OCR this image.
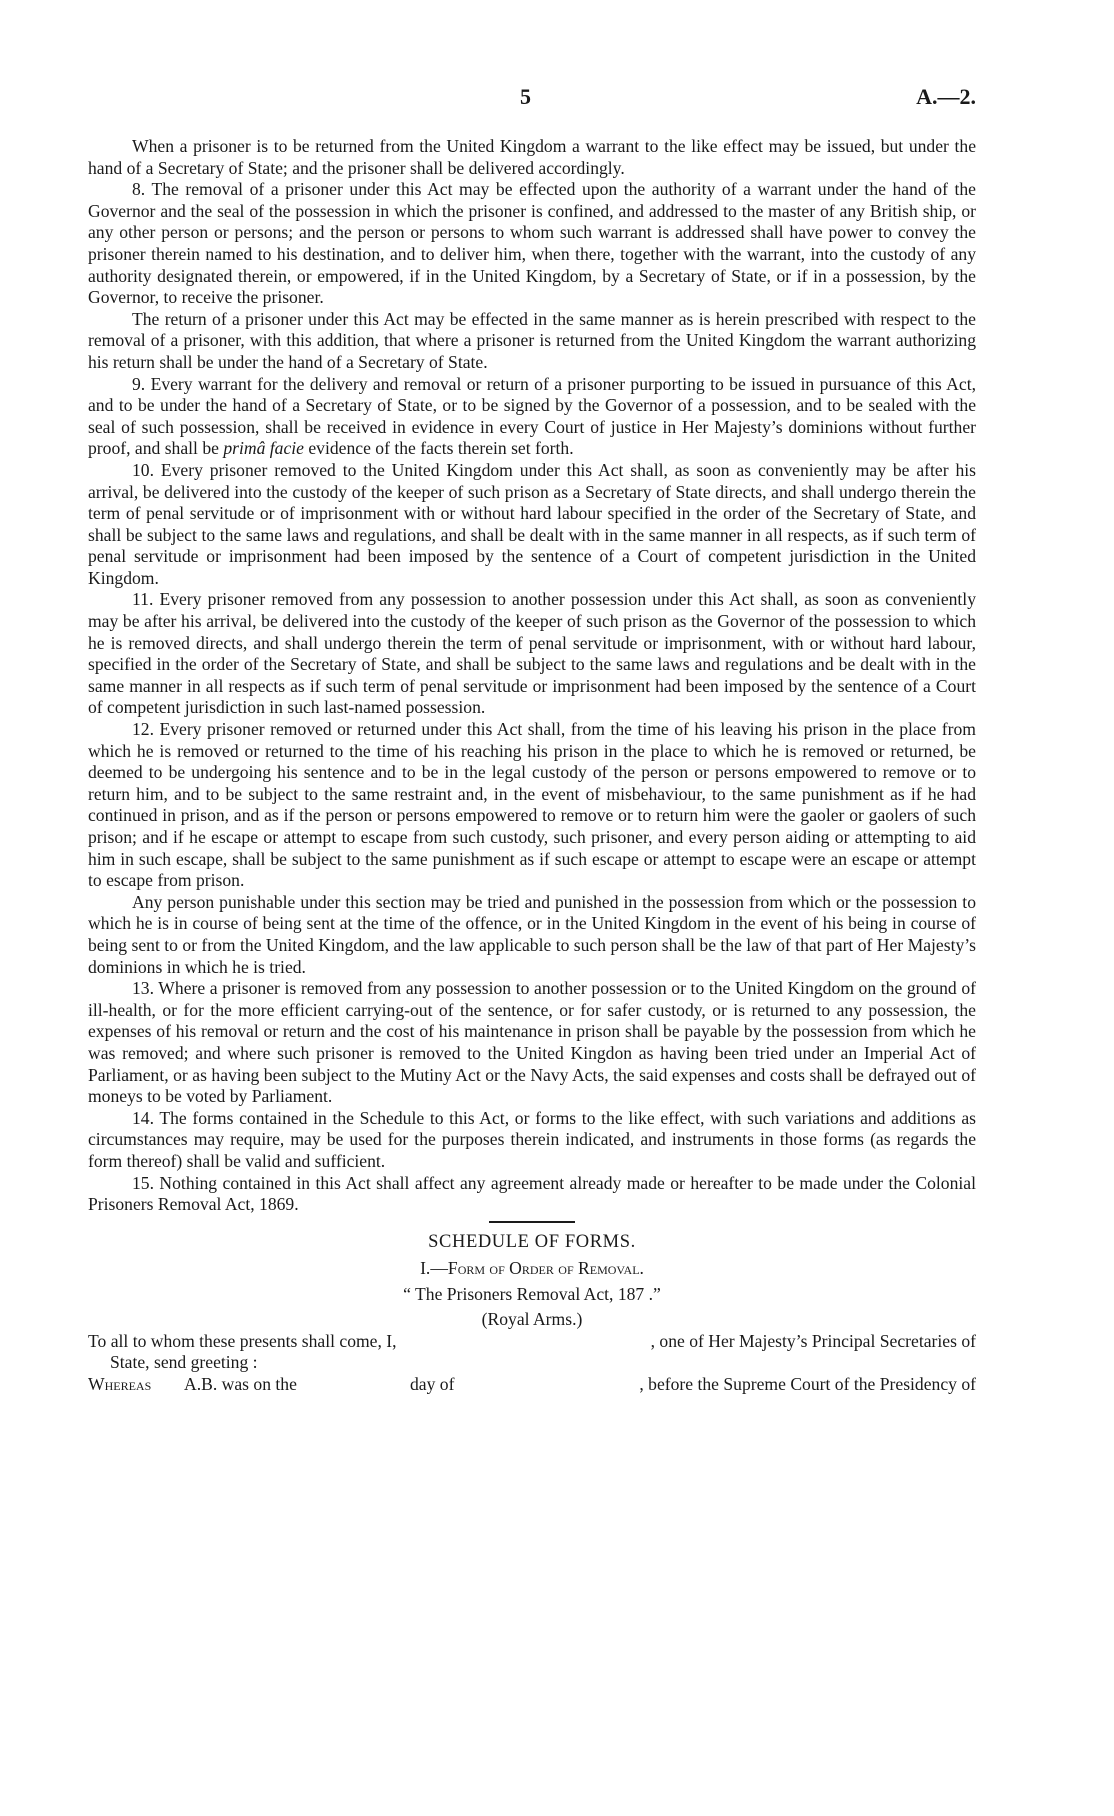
5	A.—2.

When a prisoner is to be returned from the United Kingdom a warrant to the like effect may be issued, but under the hand of a Secretary of State; and the prisoner shall be delivered accordingly.

8. The removal of a prisoner under this Act may be effected upon the authority of a warrant under the hand of the Governor and the seal of the possession in which the prisoner is confined, and addressed to the master of any British ship, or any other person or persons; and the person or persons to whom such warrant is addressed shall have power to convey the prisoner therein named to his destination, and to deliver him, when there, together with the warrant, into the custody of any authority designated therein, or empowered, if in the United Kingdom, by a Secretary of State, or if in a possession, by the Governor, to receive the prisoner.

The return of a prisoner under this Act may be effected in the same manner as is herein prescribed with respect to the removal of a prisoner, with this addition, that where a prisoner is returned from the United Kingdom the warrant authorizing his return shall be under the hand of a Secretary of State.

9. Every warrant for the delivery and removal or return of a prisoner purporting to be issued in pursuance of this Act, and to be under the hand of a Secretary of State, or to be signed by the Governor of a possession, and to be sealed with the seal of such possession, shall be received in evidence in every Court of justice in Her Majesty’s dominions without further proof, and shall be primâ facie evidence of the facts therein set forth.

10. Every prisoner removed to the United Kingdom under this Act shall, as soon as conveniently may be after his arrival, be delivered into the custody of the keeper of such prison as a Secretary of State directs, and shall undergo therein the term of penal servitude or of imprisonment with or without hard labour specified in the order of the Secretary of State, and shall be subject to the same laws and regulations, and shall be dealt with in the same manner in all respects, as if such term of penal servitude or imprisonment had been imposed by the sentence of a Court of competent jurisdiction in the United Kingdom.

11. Every prisoner removed from any possession to another possession under this Act shall, as soon as conveniently may be after his arrival, be delivered into the custody of the keeper of such prison as the Governor of the possession to which he is removed directs, and shall undergo therein the term of penal servitude or imprisonment, with or without hard labour, specified in the order of the Secretary of State, and shall be subject to the same laws and regulations and be dealt with in the same manner in all respects as if such term of penal servitude or imprisonment had been imposed by the sentence of a Court of competent jurisdiction in such last-named possession.

12. Every prisoner removed or returned under this Act shall, from the time of his leaving his prison in the place from which he is removed or returned to the time of his reaching his prison in the place to which he is removed or returned, be deemed to be undergoing his sentence and to be in the legal custody of the person or persons empowered to remove or to return him, and to be subject to the same restraint and, in the event of misbehaviour, to the same punishment as if he had continued in prison, and as if the person or persons empowered to remove or to return him were the gaoler or gaolers of such prison; and if he escape or attempt to escape from such custody, such prisoner, and every person aiding or attempting to aid him in such escape, shall be subject to the same punishment as if such escape or attempt to escape were an escape or attempt to escape from prison.

Any person punishable under this section may be tried and punished in the possession from which or the possession to which he is in course of being sent at the time of the offence, or in the United Kingdom in the event of his being in course of being sent to or from the United Kingdom, and the law applicable to such person shall be the law of that part of Her Majesty’s dominions in which he is tried.

13. Where a prisoner is removed from any possession to another possession or to the United Kingdom on the ground of ill-health, or for the more efficient carrying-out of the sentence, or for safer custody, or is returned to any possession, the expenses of his removal or return and the cost of his maintenance in prison shall be payable by the possession from which he was removed; and where such prisoner is removed to the United Kingdon as having been tried under an Imperial Act of Parliament, or as having been subject to the Mutiny Act or the Navy Acts, the said expenses and costs shall be defrayed out of moneys to be voted by Parliament.

14. The forms contained in the Schedule to this Act, or forms to the like effect, with such variations and additions as circumstances may require, may be used for the purposes therein indicated, and instruments in those forms (as regards the form thereof) shall be valid and sufficient.

15. Nothing contained in this Act shall affect any agreement already made or hereafter to be made under the Colonial Prisoners Removal Act, 1869.

SCHEDULE OF FORMS.
I.—Form of Order of Removal.
“ The Prisoners Removal Act, 187 .”
(Royal Arms.)
To all to whom these presents shall come, I,	, one of Her Majesty’s Principal Secretaries of
State, send greeting :
Whereas A.B. was on the	day of	, before the Supreme Court of the Presidency of
